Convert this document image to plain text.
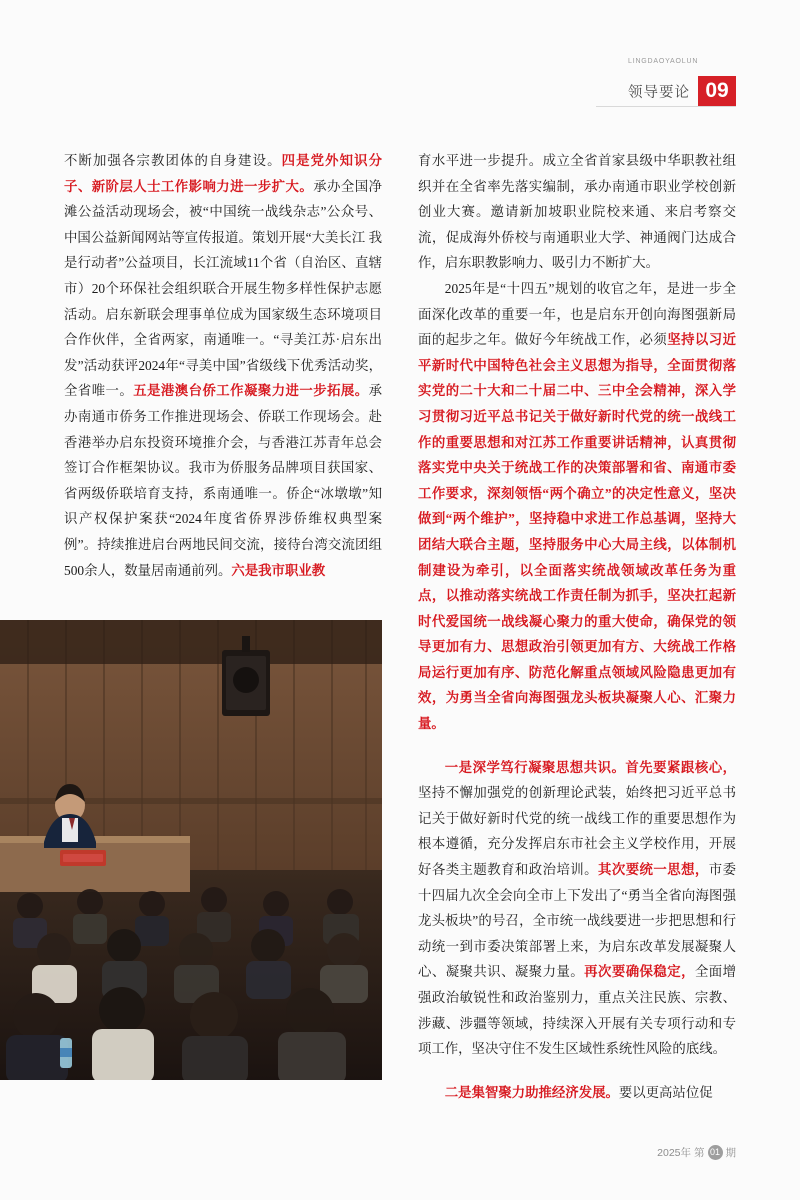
LINGDAOYAOLUN
领导要论 09

不断加强各宗教团体的自身建设。四是党外知识分子、新阶层人士工作影响力进一步扩大。承办全国净滩公益活动现场会，被“中国统一战线杂志”公众号、中国公益新闻网站等宣传报道。策划开展“大美长江 我是行动者”公益项目，长江流域11个省（自治区、直辖市）20个环保社会组织联合开展生物多样性保护志愿活动。启东新联会理事单位成为国家级生态环境项目合作伙伴，全省两家，南通唯一。“寻美江苏·启东出发”活动获评2024年“寻美中国”省级线下优秀活动奖，全省唯一。五是港澳台侨工作凝聚力进一步拓展。承办南通市侨务工作推进现场会、侨联工作现场会。赴香港举办启东投资环境推介会，与香港江苏青年总会签订合作框架协议。我市为侨服务品牌项目获国家、省两级侨联培育支持，系南通唯一。侨企“冰墩墩”知识产权保护案获“2024年度省侨界涉侨维权典型案例”。持续推进启台两地民间交流，接待台湾交流团组500余人，数量居南通前列。六是我市职业教

育水平进一步提升。成立全省首家县级中华职教社组织并在全省率先落实编制，承办南通市职业学校创新创业大赛。邀请新加坡职业院校来通、来启考察交流，促成海外侨校与南通职业大学、神通阀门达成合作，启东职教影响力、吸引力不断扩大。

2025年是“十四五”规划的收官之年，是进一步全面深化改革的重要一年，也是启东开创向海图强新局面的起步之年。做好今年统战工作，必须坚持以习近平新时代中国特色社会主义思想为指导，全面贯彻落实党的二十大和二十届二中、三中全会精神，深入学习贯彻习近平总书记关于做好新时代党的统一战线工作的重要思想和对江苏工作重要讲话精神，认真贯彻落实党中央关于统战工作的决策部署和省、南通市委工作要求，深刻领悟“两个确立”的决定性意义，坚决做到“两个维护”，坚持稳中求进工作总基调，坚持大团结大联合主题，坚持服务中心大局主线，以体制机制建设为牵引，以全面落实统战领域改革任务为重点，以推动落实统战工作责任制为抓手，坚决扛起新时代爱国统一战线凝心聚力的重大使命，确保党的领导更加有力、思想政治引领更加有方、大统战工作格局运行更加有序、防范化解重点领域风险隐患更加有效，为勇当全省向海图强龙头板块凝聚人心、汇聚力量。

一是深学笃行凝聚思想共识。首先要紧跟核心，坚持不懈加强党的创新理论武装，始终把习近平总书记关于做好新时代党的统一战线工作的重要思想作为根本遵循，充分发挥启东市社会主义学校作用，开展好各类主题教育和政治培训。其次要统一思想，市委十四届九次全会向全市上下发出了“勇当全省向海图强龙头板块”的号召，全市统一战线要进一步把思想和行动统一到市委决策部署上来，为启东改革发展凝聚人心、凝聚共识、凝聚力量。再次要确保稳定，全面增强政治敏锐性和政治鉴别力，重点关注民族、宗教、涉藏、涉疆等领域，持续深入开展有关专项行动和专项工作，坚决守住不发生区域性系统性风险的底线。

二是集智聚力助推经济发展。要以更高站位促

2025年 第 01 期
